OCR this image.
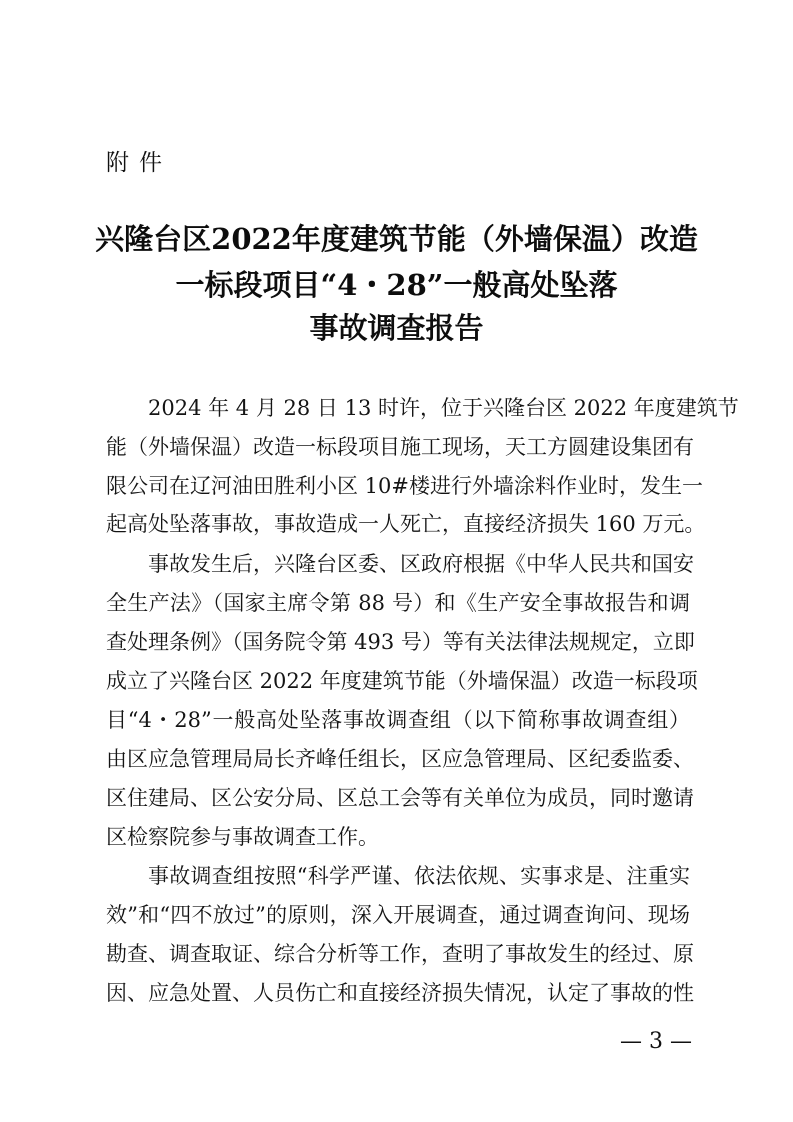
附件
兴隆台区2022年度建筑节能（外墙保温）改造
一标段项目“4・28”一般高处坠落
事故调查报告
2024 年 4 月 28 日 13 时许，位于兴隆台区 2022 年度建筑节
能（外墙保温）改造一标段项目施工现场，天工方圆建设集团有
限公司在辽河油田胜利小区 10#楼进行外墙涂料作业时，发生一
起高处坠落事故，事故造成一人死亡，直接经济损失 160 万元。
事故发生后，兴隆台区委、区政府根据《中华人民共和国安
全生产法》（国家主席令第 88 号）和《生产安全事故报告和调
查处理条例》（国务院令第 493 号）等有关法律法规规定，立即
成立了兴隆台区 2022 年度建筑节能（外墙保温）改造一标段项
目“4・28”一般高处坠落事故调查组（以下简称事故调查组）
由区应急管理局局长齐峰任组长，区应急管理局、区纪委监委、
区住建局、区公安分局、区总工会等有关单位为成员，同时邀请
区检察院参与事故调查工作。
事故调查组按照“科学严谨、依法依规、实事求是、注重实
效”和“四不放过”的原则，深入开展调查，通过调查询问、现场
勘查、调查取证、综合分析等工作，查明了事故发生的经过、原
因、应急处置、人员伤亡和直接经济损失情况，认定了事故的性
— 3 —
